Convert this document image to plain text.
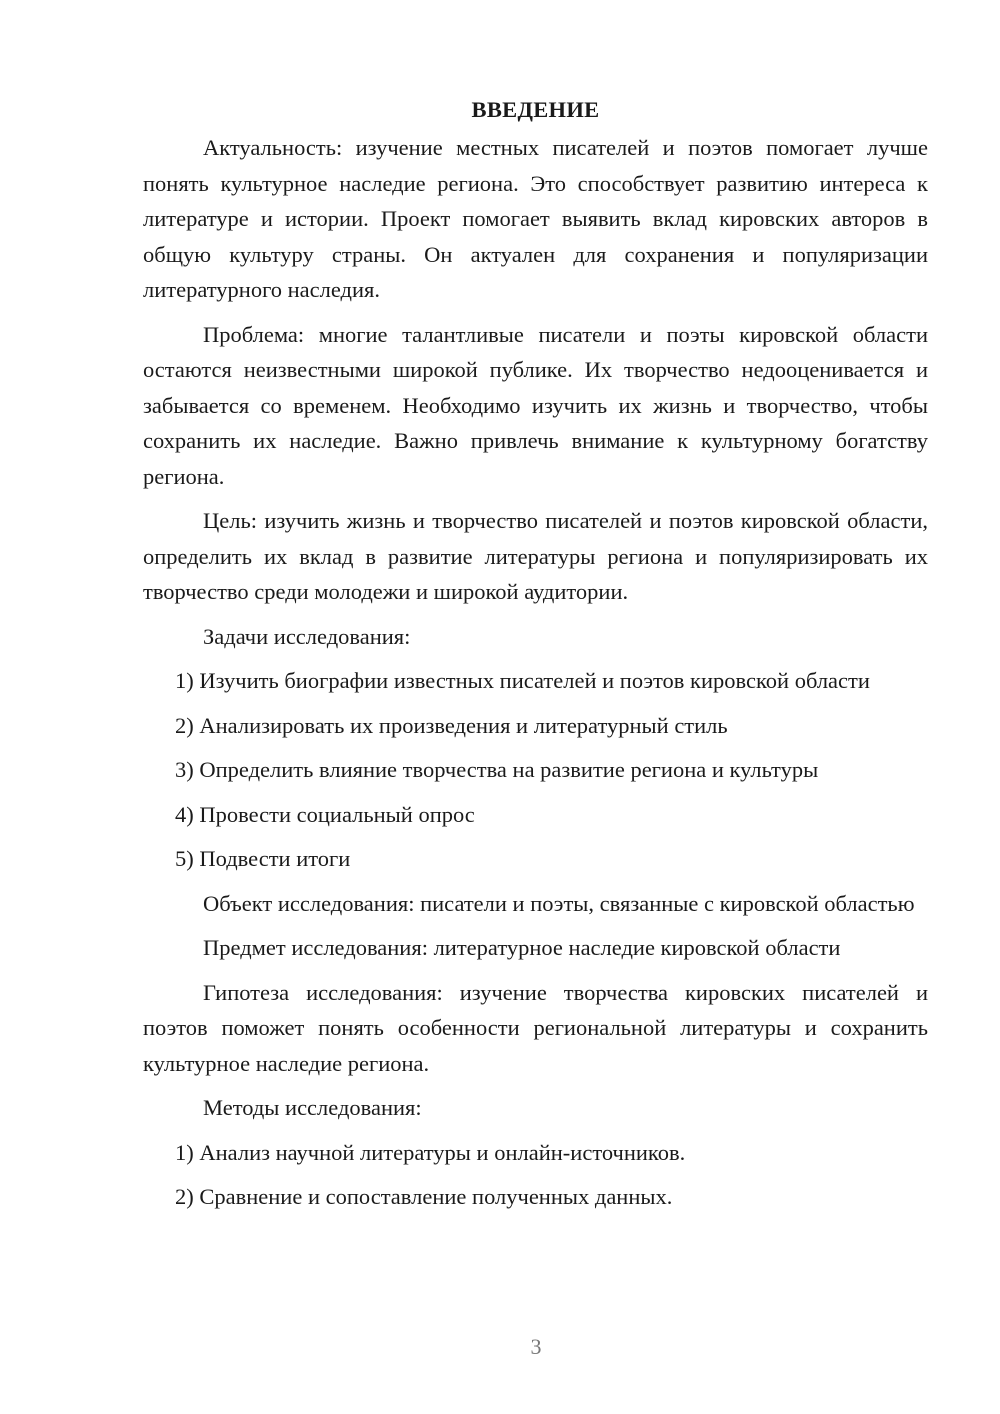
ВВЕДЕНИЕ

Актуальность: изучение местных писателей и поэтов помогает лучше понять культурное наследие региона. Это способствует развитию интереса к литературе и истории. Проект помогает выявить вклад кировских авторов в общую культуру страны. Он актуален для сохранения и популяризации литературного наследия.

Проблема: многие талантливые писатели и поэты кировской области остаются неизвестными широкой публике. Их творчество недооценивается и забывается со временем. Необходимо изучить их жизнь и творчество, чтобы сохранить их наследие. Важно привлечь внимание к культурному богатству региона.

Цель: изучить жизнь и творчество писателей и поэтов кировской области, определить их вклад в развитие литературы региона и популяризировать их творчество среди молодежи и широкой аудитории.

Задачи исследования:

1) Изучить биографии известных писателей и поэтов кировской области

2) Анализировать их произведения и литературный стиль

3) Определить влияние творчества на развитие региона и культуры

4) Провести социальный опрос

5) Подвести итоги

Объект исследования: писатели и поэты, связанные с кировской областью

Предмет исследования: литературное наследие кировской области

Гипотеза исследования: изучение творчества кировских писателей и поэтов поможет понять особенности региональной литературы и сохранить культурное наследие региона.

Методы исследования:

1) Анализ научной литературы и онлайн-источников.

2) Сравнение и сопоставление полученных данных.

3
